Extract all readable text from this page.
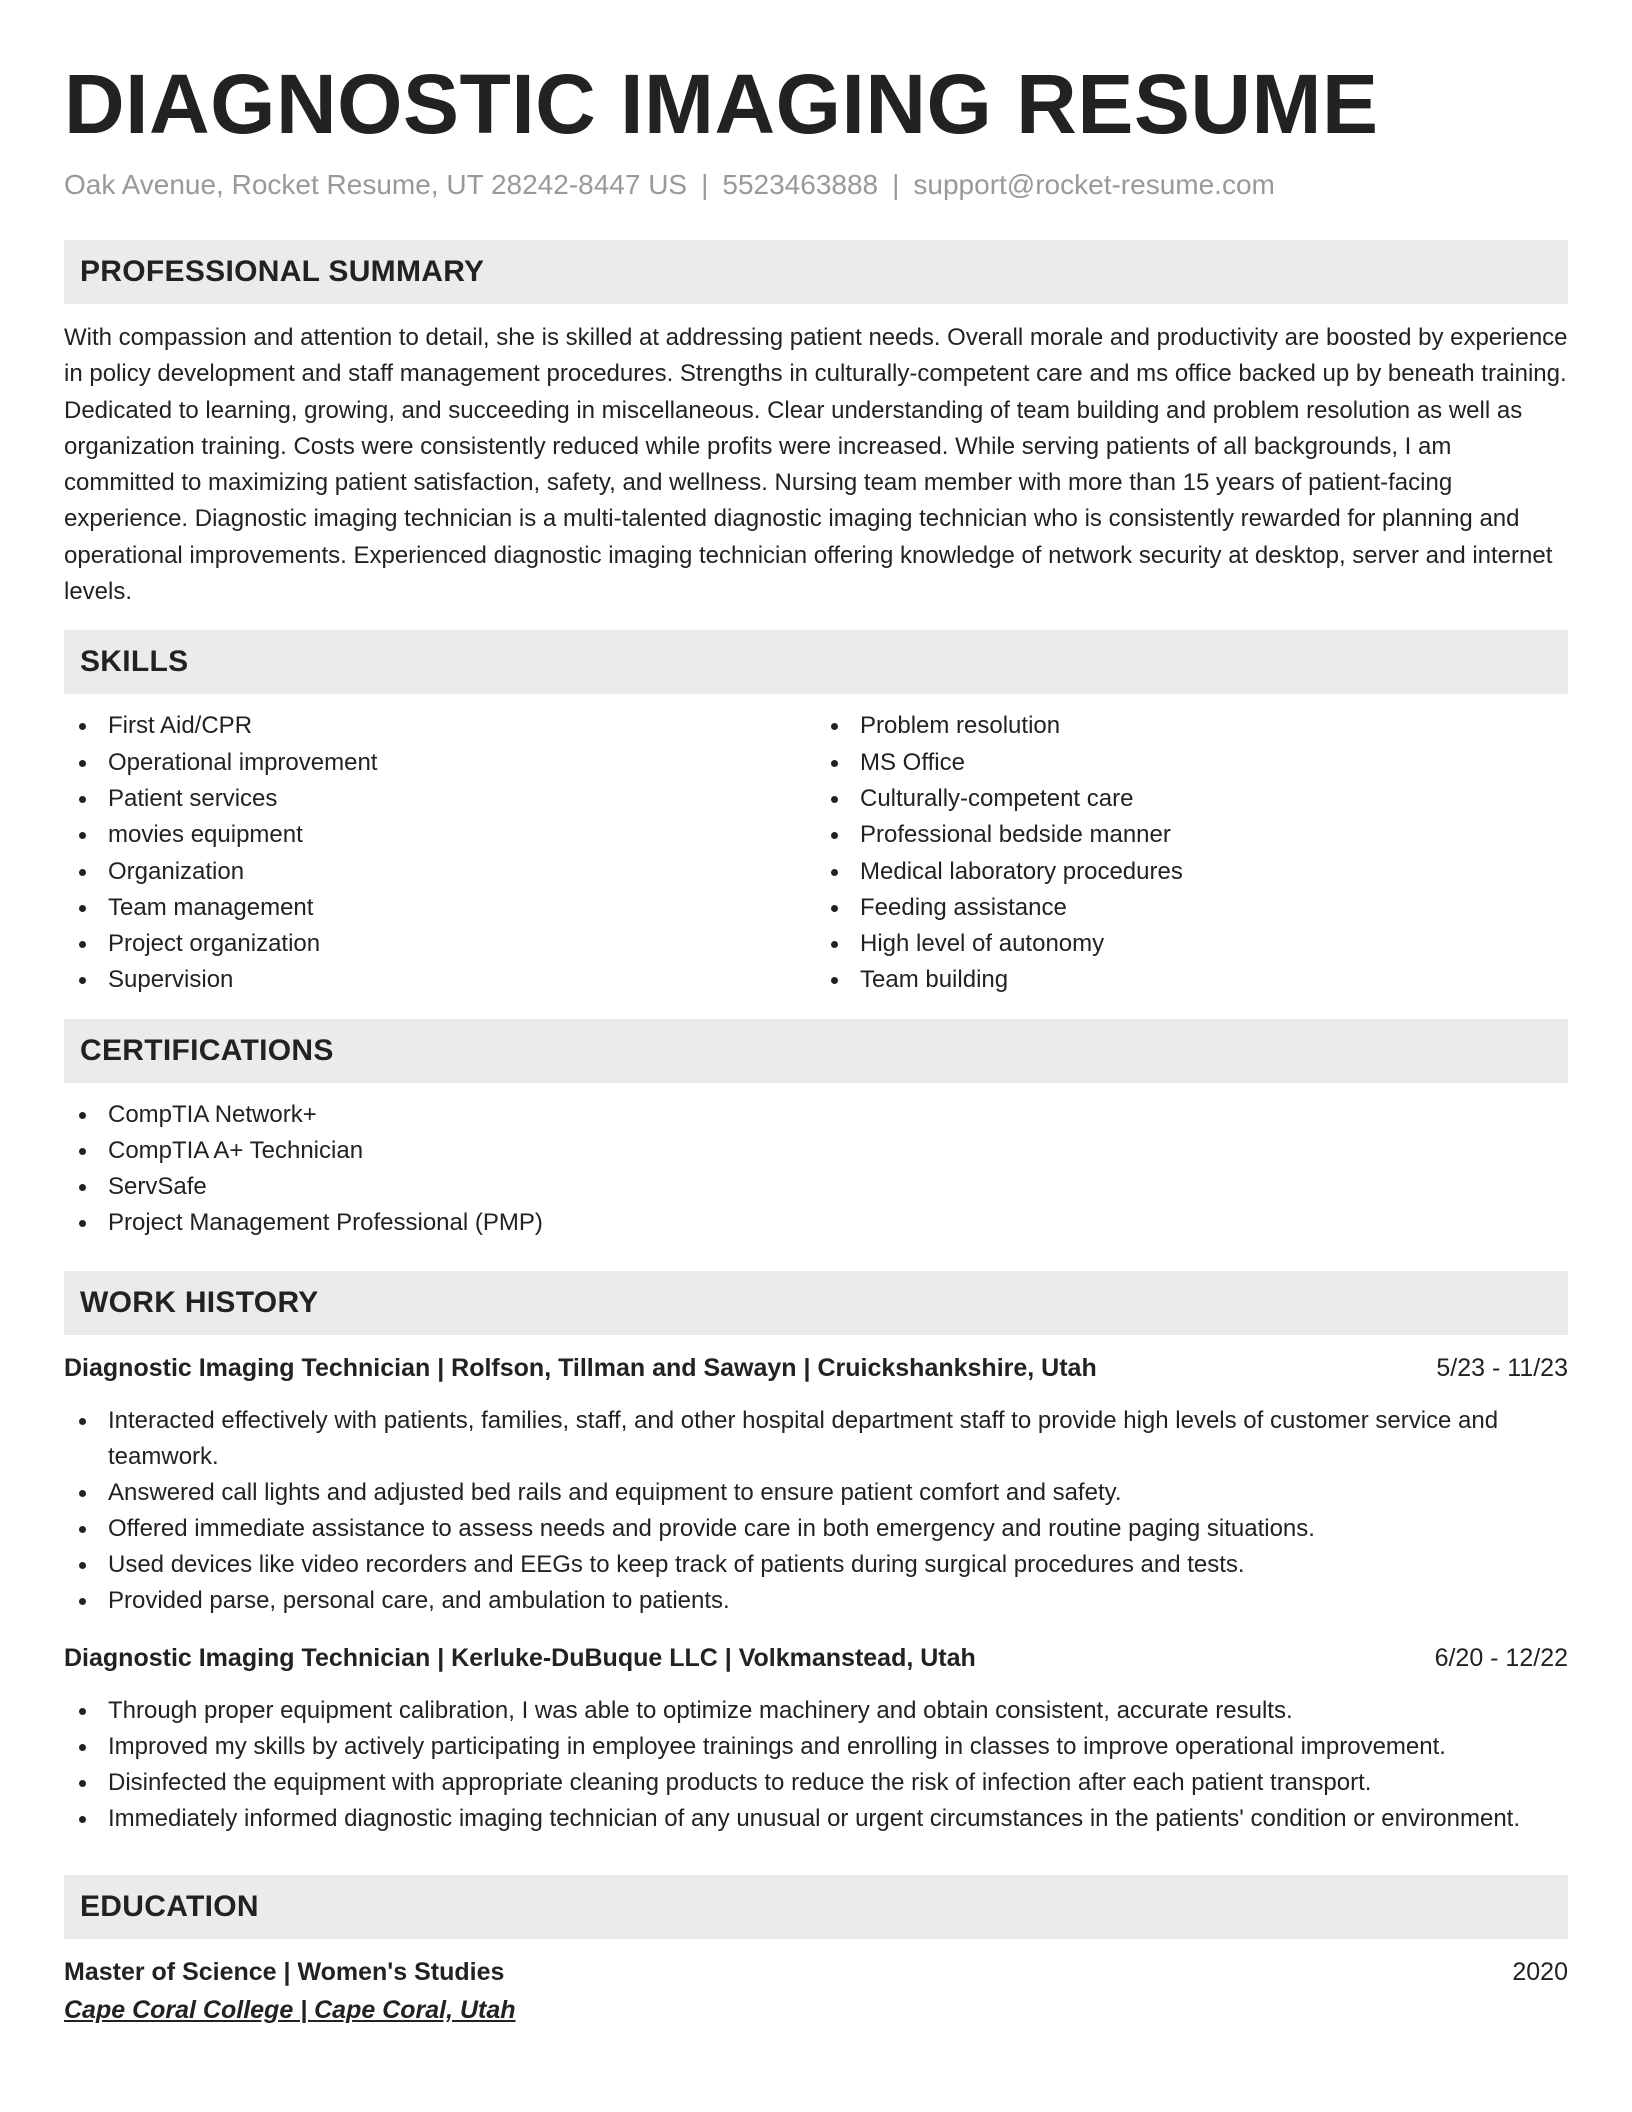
DIAGNOSTIC IMAGING RESUME
Oak Avenue, Rocket Resume, UT 28242-8447 US | 5523463888 | support@rocket-resume.com
PROFESSIONAL SUMMARY

With compassion and attention to detail, she is skilled at addressing patient needs. Overall morale and productivity are boosted by experience in policy development and staff management procedures. Strengths in culturally-competent care and ms office backed up by beneath training. Dedicated to learning, growing, and succeeding in miscellaneous. Clear understanding of team building and problem resolution as well as organization training. Costs were consistently reduced while profits were increased. While serving patients of all backgrounds, I am committed to maximizing patient satisfaction, safety, and wellness. Nursing team member with more than 15 years of patient-facing experience. Diagnostic imaging technician is a multi-talented diagnostic imaging technician who is consistently rewarded for planning and operational improvements. Experienced diagnostic imaging technician offering knowledge of network security at desktop, server and internet levels.

SKILLS
First Aid/CPR
Operational improvement
Patient services
movies equipment
Organization
Team management
Project organization
Supervision
Problem resolution
MS Office
Culturally-competent care
Professional bedside manner
Medical laboratory procedures
Feeding assistance
High level of autonomy
Team building
CERTIFICATIONS
CompTIA Network+
CompTIA A+ Technician
ServSafe
Project Management Professional (PMP)
WORK HISTORY
Diagnostic Imaging Technician | Rolfson, Tillman and Sawayn | Cruickshankshire, Utah	5/23 - 11/23
Interacted effectively with patients, families, staff, and other hospital department staff to provide high levels of customer service and teamwork.
Answered call lights and adjusted bed rails and equipment to ensure patient comfort and safety.
Offered immediate assistance to assess needs and provide care in both emergency and routine paging situations.
Used devices like video recorders and EEGs to keep track of patients during surgical procedures and tests.
Provided parse, personal care, and ambulation to patients.
Diagnostic Imaging Technician | Kerluke-DuBuque LLC | Volkmanstead, Utah	6/20 - 12/22
Through proper equipment calibration, I was able to optimize machinery and obtain consistent, accurate results.
Improved my skills by actively participating in employee trainings and enrolling in classes to improve operational improvement.
Disinfected the equipment with appropriate cleaning products to reduce the risk of infection after each patient transport.
Immediately informed diagnostic imaging technician of any unusual or urgent circumstances in the patients' condition or environment.
EDUCATION
Master of Science | Women's Studies	2020
Cape Coral College | Cape Coral, Utah
